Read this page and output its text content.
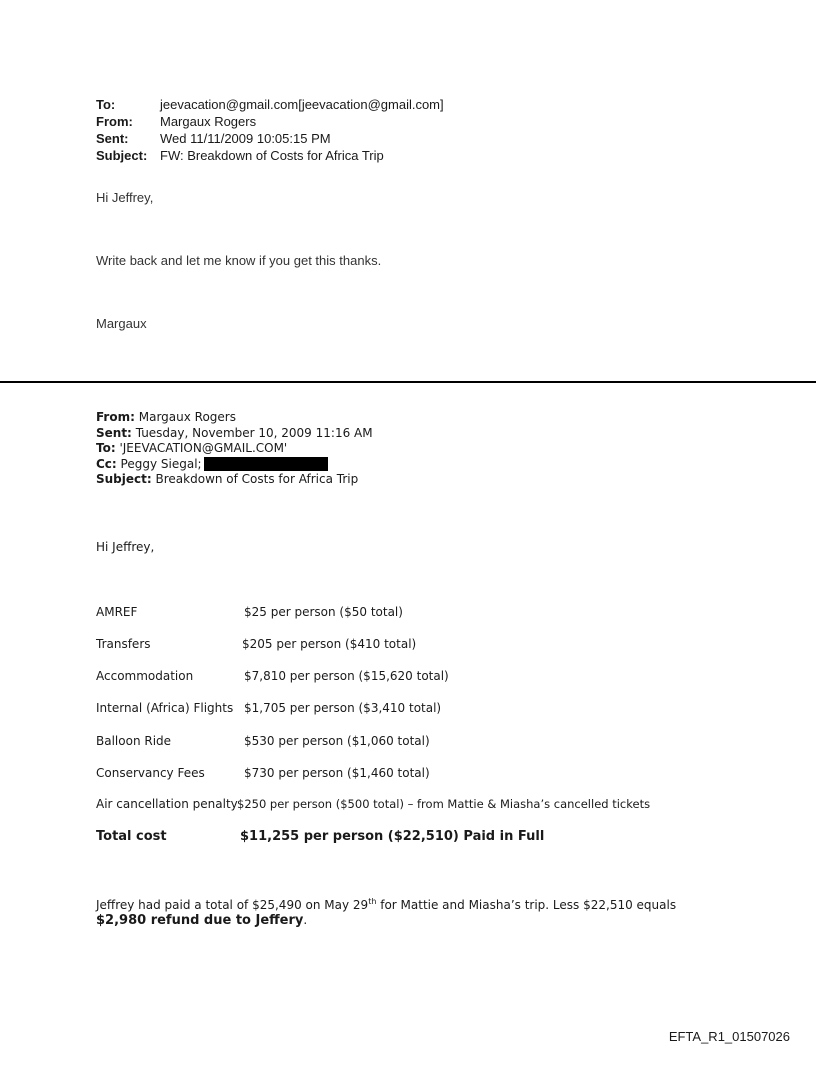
To:	jeevacation@gmail.com[jeevacation@gmail.com]
From:	Margaux Rogers
Sent:	Wed 11/11/2009 10:05:15 PM
Subject: FW: Breakdown of Costs for Africa Trip
Hi Jeffrey,
Write back and let me know if you get this thanks.
Margaux
From: Margaux Rogers
Sent: Tuesday, November 10, 2009 11:16 AM
To: 'JEEVACATION@GMAIL.COM'
Cc: Peggy Siegal;
Subject: Breakdown of Costs for Africa Trip
Hi Jeffrey,
AMREF	$25 per person ($50 total)
Transfers	$205 per person ($410 total)
Accommodation	$7,810 per person ($15,620 total)
Internal (Africa) Flights $1,705 per person ($3,410 total)
Balloon Ride	$530 per person ($1,060 total)
Conservancy Fees	$730 per person ($1,460 total)
Air cancellation penalty $250 per person ($500 total) – from Mattie & Miasha’s cancelled tickets
Total cost	$11,255 per person ($22,510) Paid in Full
Jeffrey had paid a total of $25,490 on May 29th for Mattie and Miasha’s trip. Less $22,510 equals
$2,980 refund due to Jeffery.
EFTA_R1_01507026
